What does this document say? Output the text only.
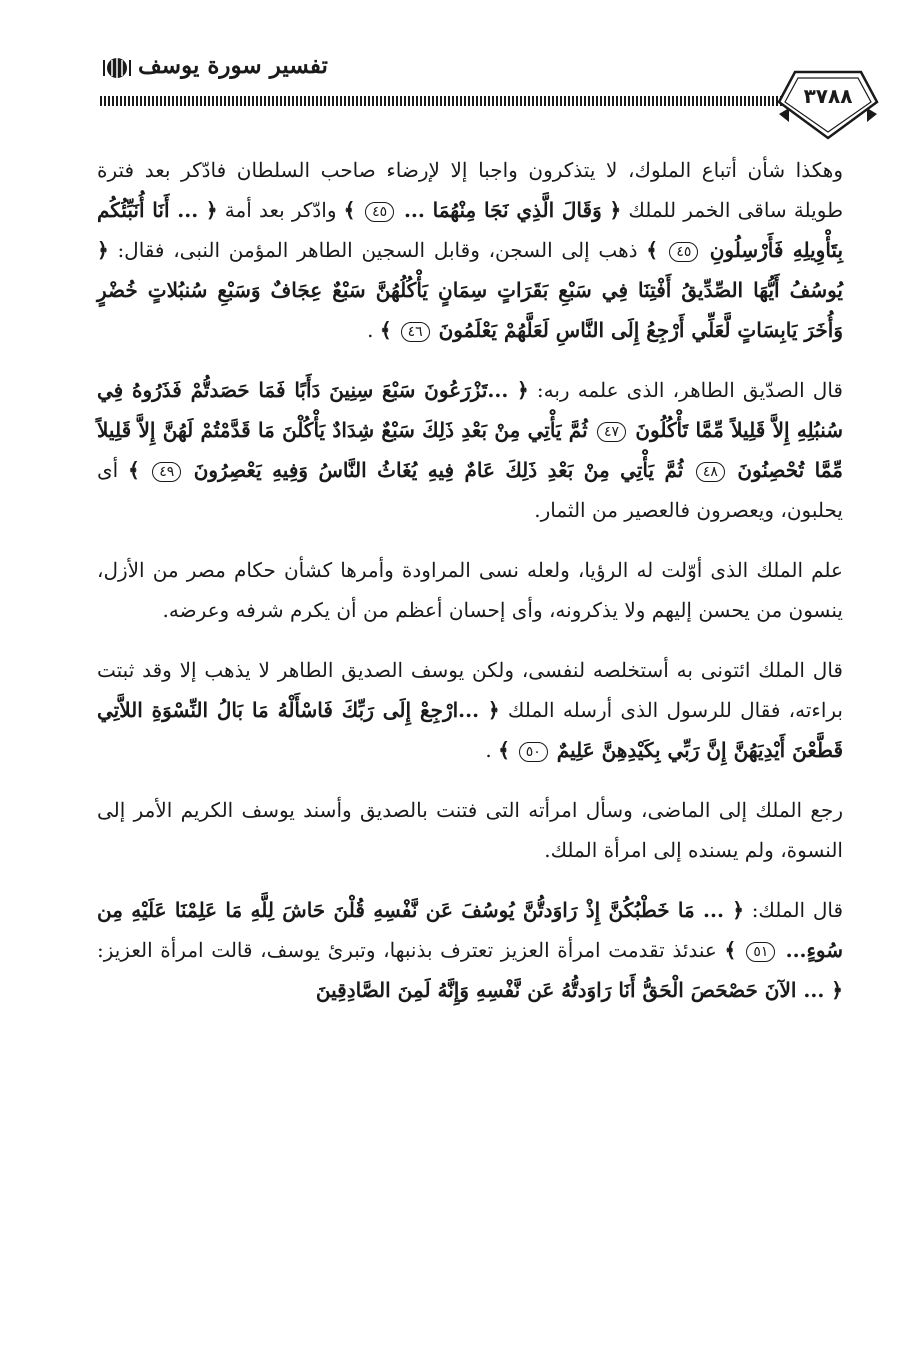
تفسير سورة يوسف
٣٧٨٨

وهكذا شأن أتباع الملوك، لا يتذكرون واجبا إلا لإرضاء صاحب السلطان فادّكر بعد فترة طويلة ساقى الخمر للملك ﴿ وَقَالَ الَّذِي نَجَا مِنْهُمَا ... ٤٥ ﴾ وادّكر بعد أمة ﴿ ... أَنَا أُنَبِّئُكُم بِتَأْوِيلِهِ فَأَرْسِلُونِ ٤٥ ﴾ ذهب إلى السجن، وقابل السجين الطاهر المؤمن النبى، فقال: ﴿ يُوسُفُ أَيُّهَا الصِّدِّيقُ أَفْتِنَا فِي سَبْعِ بَقَرَاتٍ سِمَانٍ يَأْكُلُهُنَّ سَبْعٌ عِجَافٌ وَسَبْعِ سُنبُلاتٍ خُضْرٍ وَأُخَرَ يَابِسَاتٍ لَّعَلِّي أَرْجِعُ إِلَى النَّاسِ لَعَلَّهُمْ يَعْلَمُونَ ٤٦ ﴾ .

قال الصدّيق الطاهر، الذى علمه ربه: ﴿ ...تَزْرَعُونَ سَبْعَ سِنِينَ دَأَبًا فَمَا حَصَدتُّمْ فَذَرُوهُ فِي سُنبُلِهِ إِلاَّ قَلِيلاً مِّمَّا تَأْكُلُونَ ٤٧ ثُمَّ يَأْتِي مِنْ بَعْدِ ذَلِكَ سَبْعٌ شِدَادٌ يَأْكُلْنَ مَا قَدَّمْتُمْ لَهُنَّ إِلاَّ قَلِيلاً مِّمَّا تُحْصِنُونَ ٤٨ ثُمَّ يَأْتِي مِنْ بَعْدِ ذَلِكَ عَامٌ فِيهِ يُغَاثُ النَّاسُ وَفِيهِ يَعْصِرُونَ ٤٩ ﴾ أى يحلبون، ويعصرون فالعصير من الثمار.

علم الملك الذى أوّلت له الرؤيا، ولعله نسى المراودة وأمرها كشأن حكام مصر من الأزل، ينسون من يحسن إليهم ولا يذكرونه، وأى إحسان أعظم من أن يكرم شرفه وعرضه.

قال الملك ائتونى به أستخلصه لنفسى، ولكن يوسف الصديق الطاهر لا يذهب إلا وقد ثبتت براءته، فقال للرسول الذى أرسله الملك ﴿ ...ارْجِعْ إِلَى رَبِّكَ فَاسْأَلْهُ مَا بَالُ النِّسْوَةِ اللاَّتِي قَطَّعْنَ أَيْدِيَهُنَّ إِنَّ رَبِّي بِكَيْدِهِنَّ عَلِيمٌ ٥٠ ﴾ .

رجع الملك إلى الماضى، وسأل امرأته التى فتنت بالصديق وأسند يوسف الكريم الأمر إلى النسوة، ولم يسنده إلى امرأة الملك.

قال الملك: ﴿ ... مَا خَطْبُكُنَّ إِذْ رَاوَدتُّنَّ يُوسُفَ عَن نَّفْسِهِ قُلْنَ حَاشَ لِلَّهِ مَا عَلِمْنَا عَلَيْهِ مِن سُوءٍ... ٥١ ﴾ عندئذ تقدمت امرأة العزيز تعترف بذنبها، وتبرئ يوسف، قالت امرأة العزيز: ﴿ ... الآنَ حَصْحَصَ الْحَقُّ أَنَا رَاوَدتُّهُ عَن نَّفْسِهِ وَإِنَّهُ لَمِنَ الصَّادِقِينَ
